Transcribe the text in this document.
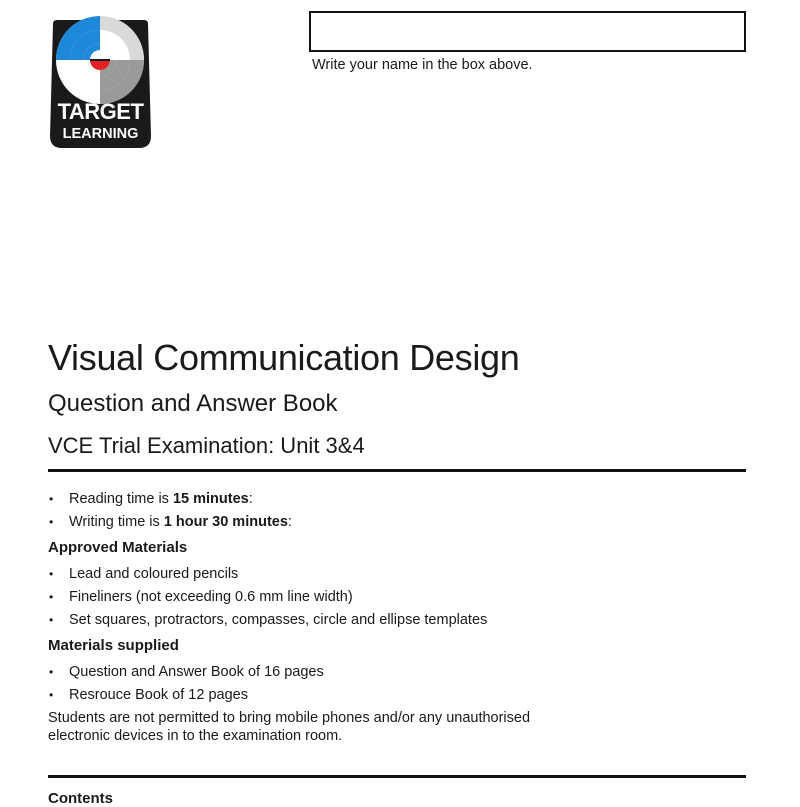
TARGET
LEARNING
Write your name in the box above.
Visual Communication Design
Question and Answer Book
VCE Trial Examination: Unit 3&4
• Reading time is 15 minutes:
• Writing time is 1 hour 30 minutes:
Approved Materials
• Lead and coloured pencils
• Fineliners (not exceeding 0.6 mm line width)
• Set squares, protractors, compasses, circle and ellipse templates
Materials supplied
• Question and Answer Book of 16 pages
• Resrouce Book of 12 pages
Students are not permitted to bring mobile phones and/or any unauthorised
electronic devices in to the examination room.
Contents
